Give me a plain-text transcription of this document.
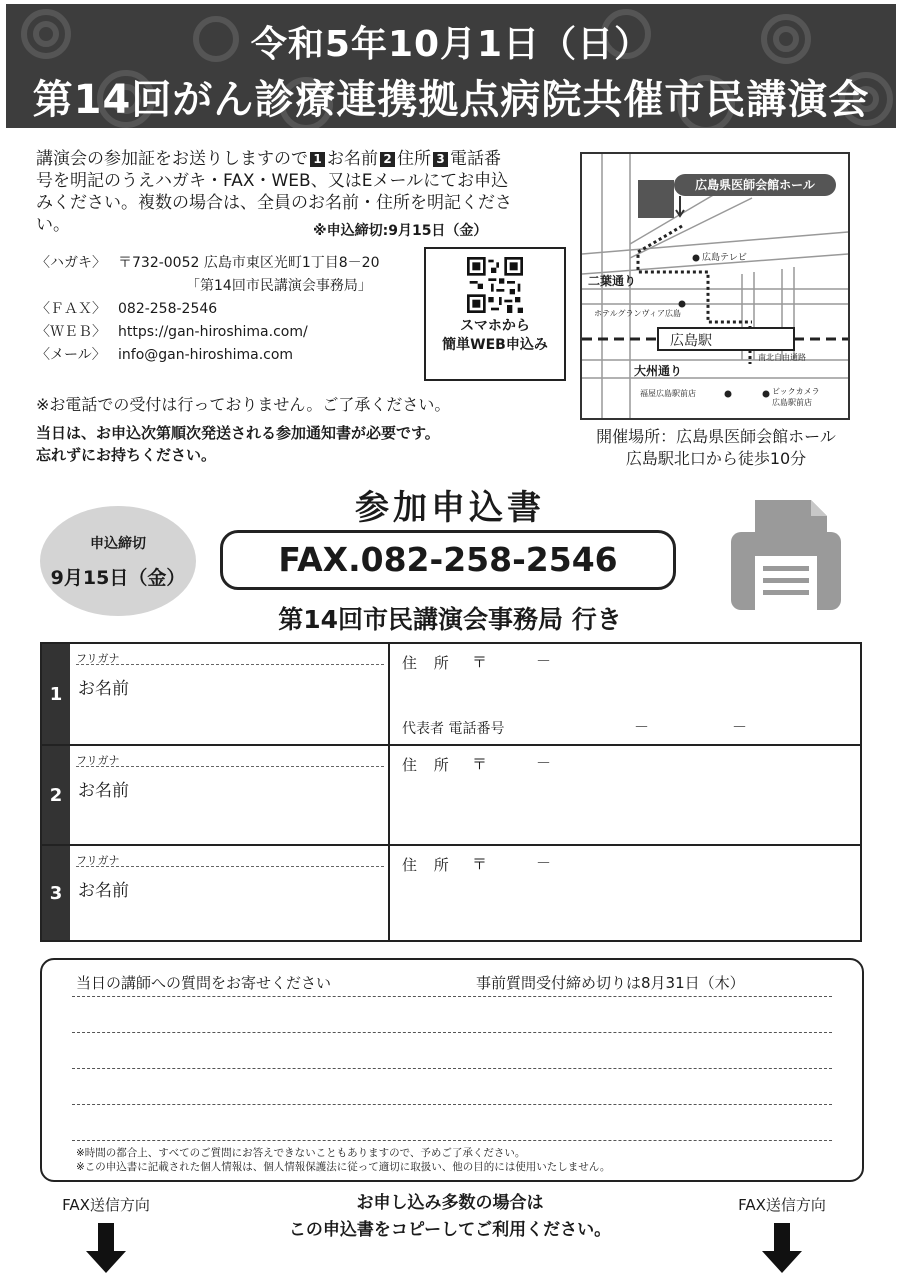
令和5年10月1日（日）
第14回がん診療連携拠点病院共催市民講演会
講演会の参加証をお送りしますので 1 お名前 2 住所 3 電話番号を明記のうえハガキ・FAX・WEB、又はEメールにてお申込みください。複数の場合は、全員のお名前・住所を明記ください。	※申込締切:9月15日（金）
〈ハガキ〉 〒732-0052 広島市東区光町1丁目8－20
「第14回市民講演会事務局」
〈ＦＡＸ〉 082-258-2546
〈ＷＥＢ〉 https://gan-hiroshima.com/
〈メール〉 info@gan-hiroshima.com
スマホから
簡単WEB申込み
※お電話での受付は行っておりません。ご了承ください。
当日は、お申込次第順次発送される参加通知書が必要です。
忘れずにお持ちください。
広島県医師会館ホール
広島テレビ
二葉通り
ホテルグランヴィア広島
広島駅
南北自由通路
大州通り
福屋広島駅前店	ビックカメラ
広島駅前店
開催場所：広島県医師会館ホール
広島駅北口から徒歩10分
参加申込書
申込締切
9月15日（金）	FAX.082-258-2546
第14回市民講演会事務局 行き
1
フリガナ
お名前
住 所 〒	－
代表者 電話番号	－	－
2
フリガナ
お名前
住 所 〒	－
3
フリガナ
お名前
住 所 〒	－
当日の講師への質問をお寄せください	事前質問受付締め切りは8月31日（木）
※時間の都合上、すべてのご質問にお答えできないこともありますので、予めご了承ください。
※この申込書に記載された個人情報は、個人情報保護法に従って適切に取扱い、他の目的には使用いたしません。
FAX送信方向	FAX送信方向
お申し込み多数の場合は
この申込書をコピーしてご利用ください。
